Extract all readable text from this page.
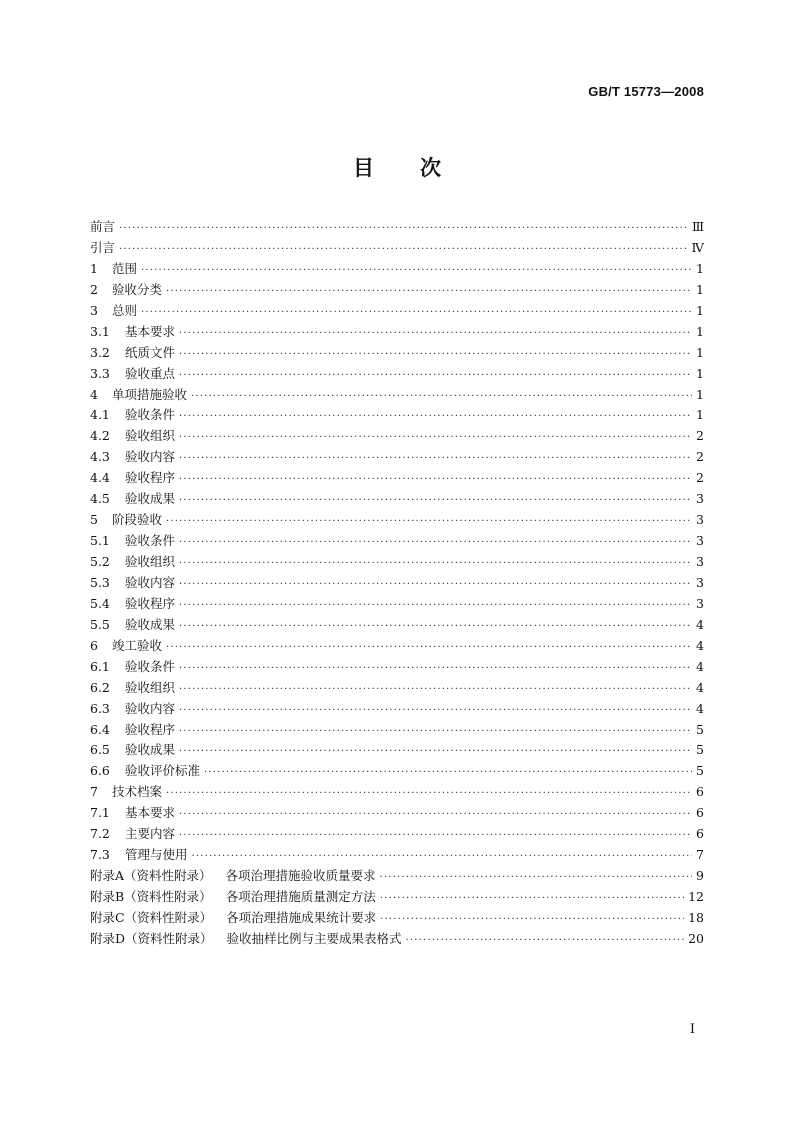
GB/T 15773—2008
目 次
前言 ·····	Ⅲ
引言 ·····	Ⅳ
1 范围 ·····	1
2 验收分类 ·····	1
3 总则 ·····	1
3.1 基本要求 ·····	1
3.2 纸质文件 ·····	1
3.3 验收重点 ·····	1
4 单项措施验收 ·····	1
4.1 验收条件 ·····	1
4.2 验收组织 ·····	2
4.3 验收内容 ·····	2
4.4 验收程序 ·····	2
4.5 验收成果 ·····	3
5 阶段验收 ·····	3
5.1 验收条件 ·····	3
5.2 验收组织 ·····	3
5.3 验收内容 ·····	3
5.4 验收程序 ·····	3
5.5 验收成果 ·····	4
6 竣工验收 ·····	4
6.1 验收条件 ·····	4
6.2 验收组织 ·····	4
6.3 验收内容 ·····	4
6.4 验收程序 ·····	5
6.5 验收成果 ·····	5
6.6 验收评价标准 ·····	5
7 技术档案 ·····	6
7.1 基本要求 ·····	6
7.2 主要内容 ·····	6
7.3 管理与使用 ·····	7
附录A（资料性附录） 各项治理措施验收质量要求 ·····	9
附录B（资料性附录） 各项治理措施质量测定方法 ·····	12
附录C（资料性附录） 各项治理措施成果统计要求 ·····	18
附录D（资料性附录） 验收抽样比例与主要成果表格式 ·····	20
I
